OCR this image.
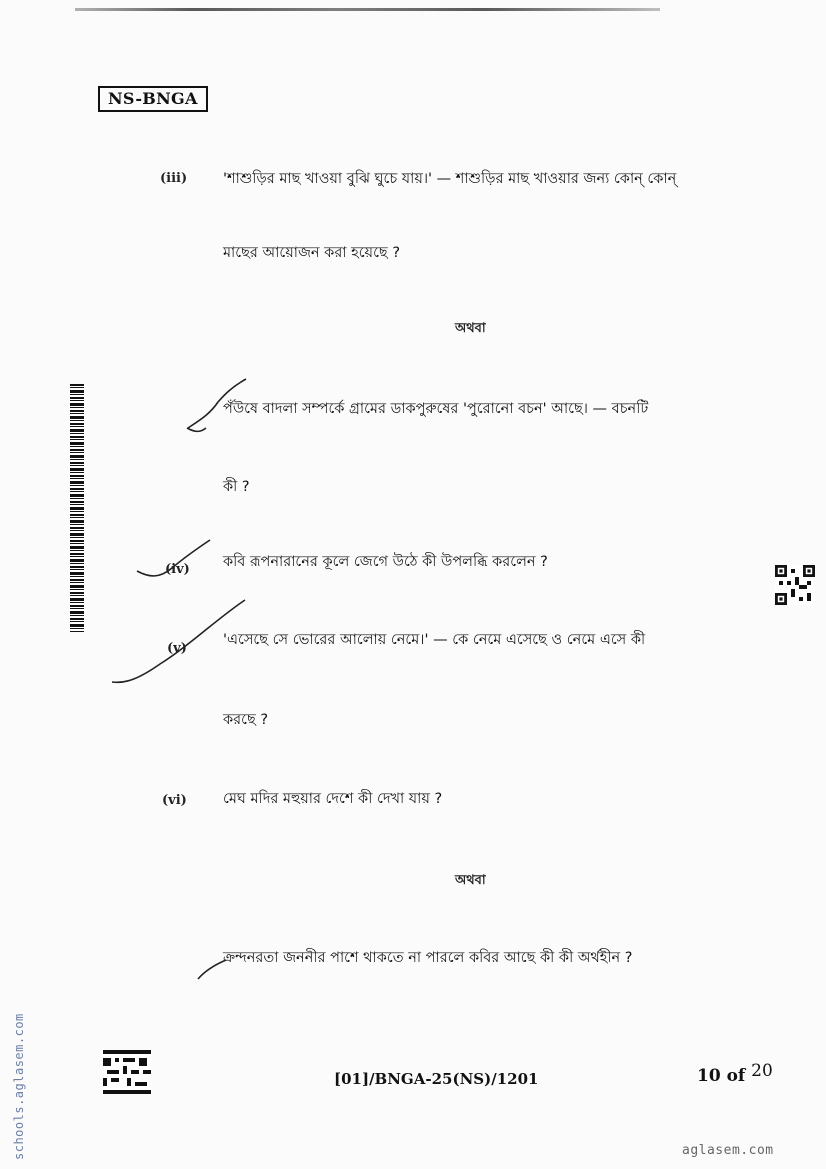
NS-BNGA
(iii) 'শাশুড়ির মাছ খাওয়া বুঝি ঘুচে যায়।' — শাশুড়ির মাছ খাওয়ার জন্য কোন্ কোন্
মাছের আয়োজন করা হয়েছে ?
অথবা
পঁউষে বাদলা সম্পর্কে গ্রামের ডাকপুরুষের 'পুরোনো বচন' আছে। — বচনটি
কী ?
(iv) কবি রূপনারানের কূলে জেগে উঠে কী উপলব্ধি করলেন ?
(v)
'এসেছে সে ভোরের আলোয় নেমে।' — কে নেমে এসেছে ও নেমে এসে কী
করছে ?
(vi) মেঘ মদির মহুয়ার দেশে কী দেখা যায় ?
অথবা
ক্রন্দনরতা জননীর পাশে থাকতে না পারলে কবির আছে কী কী অর্থহীন ?
[01]/BNGA-25(NS)/1201	10 of 20
schools.aglasem.com	aglasem.com
